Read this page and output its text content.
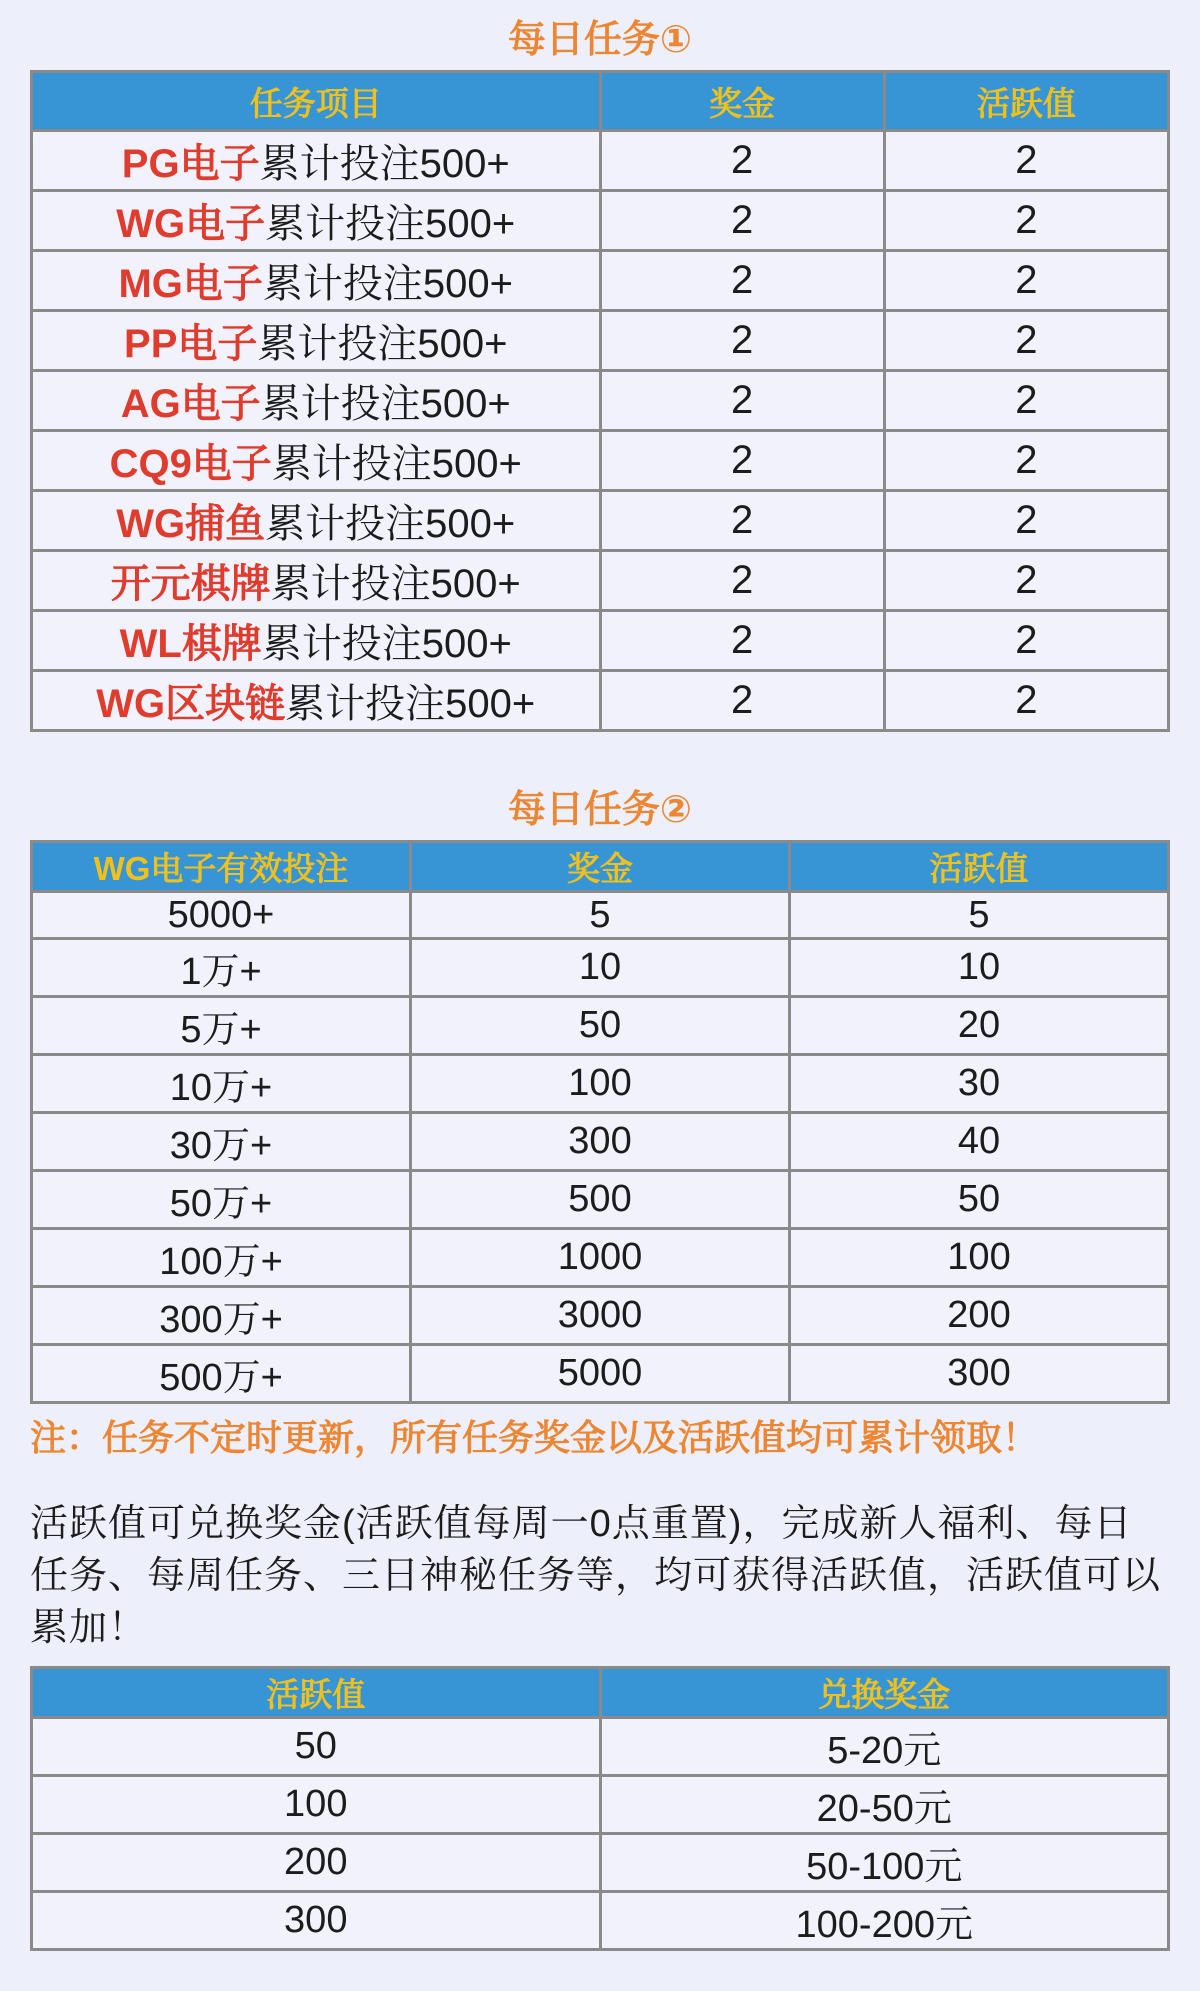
每日任务①
任务项目	奖金	活跃值
PG电子累计投注500+	2	2
WG电子累计投注500+	2	2
MG电子累计投注500+	2	2
PP电子累计投注500+	2	2
AG电子累计投注500+	2	2
CQ9电子累计投注500+	2	2
WG捕鱼累计投注500+	2	2
开元棋牌累计投注500+	2	2
WL棋牌累计投注500+	2	2
WG区块链累计投注500+	2	2
每日任务②
WG电子有效投注	奖金	活跃值
5000+	5	5
1万+	10	10
5万+	50	20
10万+	100	30
30万+	300	40
50万+	500	50
100万+	1000	100
300万+	3000	200
500万+	5000	300
注：任务不定时更新，所有任务奖金以及活跃值均可累计领取！
活跃值可兑换奖金(活跃值每周一0点重置)，完成新人福利、每日任务、每周任务、三日神秘任务等，均可获得活跃值，活跃值可以累加！
活跃值	兑换奖金
50	5-20元
100	20-50元
200	50-100元
300	100-200元
